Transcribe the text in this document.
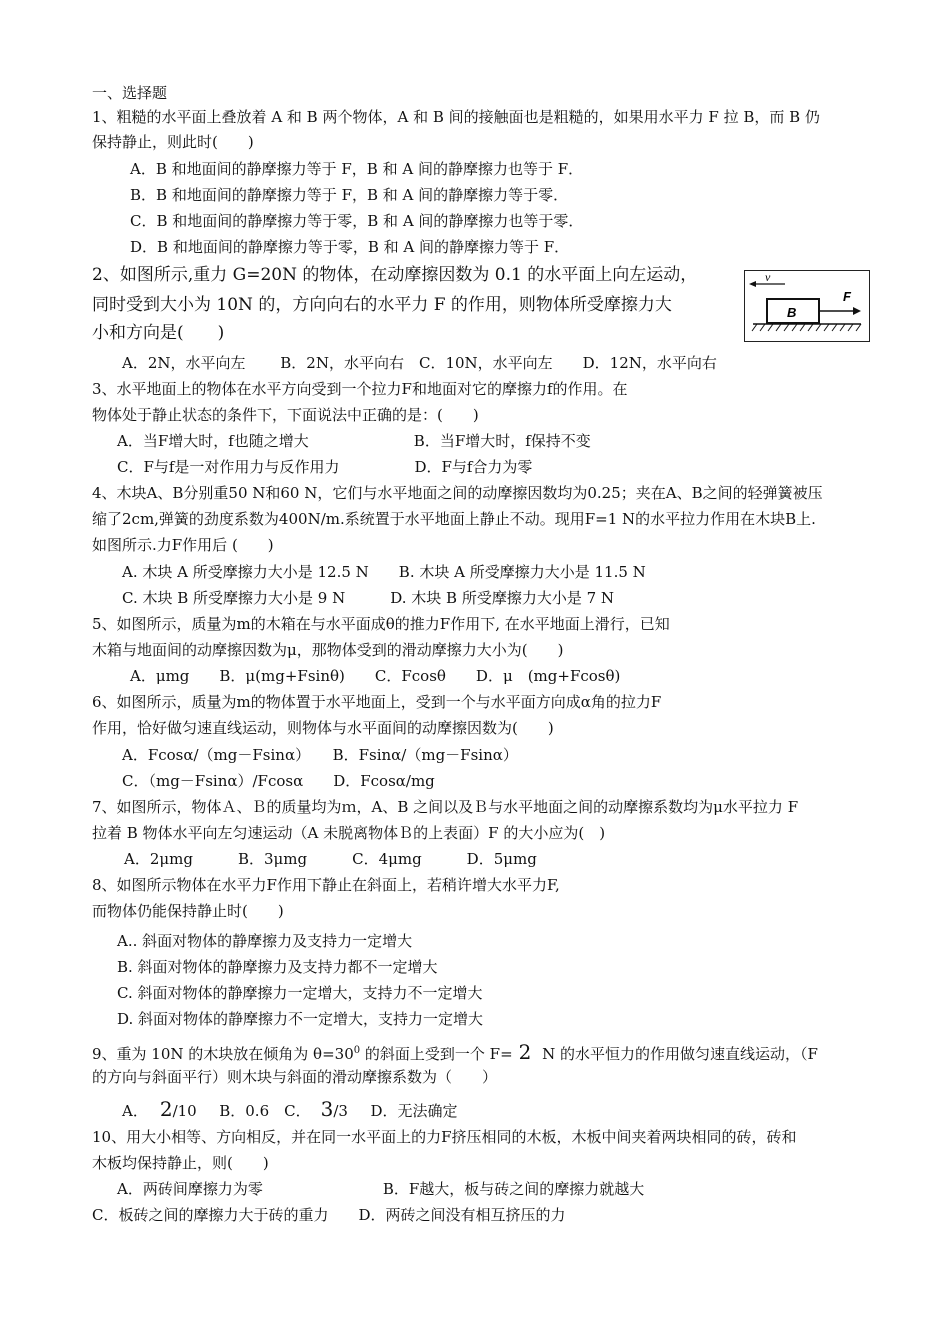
一、选择题
1、粗糙的水平面上叠放着 A 和 B 两个物体，A 和 B 间的接触面也是粗糙的，如果用水平力 F 拉 B，而 B 仍
保持静止，则此时(　　)
A．B 和地面间的静摩擦力等于 F，B 和 A 间的静摩擦力也等于 F．
B．B 和地面间的静摩擦力等于 F，B 和 A 间的静摩擦力等于零．
C．B 和地面间的静摩擦力等于零，B 和 A 间的静摩擦力也等于零．
D．B 和地面间的静摩擦力等于零，B 和 A 间的静摩擦力等于 F．
2、如图所示,重力 G=20N 的物体，在动摩擦因数为 0.1 的水平面上向左运动，
同时受到大小为 10N 的，方向向右的水平力 F 的作用，则物体所受摩擦力大
小和方向是(　　)
v
B
F
A．2N，水平向左　　 B．2N，水平向右　C．10N，水平向左　　D．12N，水平向右
3、水平地面上的物体在水平方向受到一个拉力F和地面对它的摩擦力f的作用。在
物体处于静止状态的条件下，下面说法中正确的是：(　　)
A．当F增大时，f也随之增大　　　　　　　B．当F增大时，f保持不变
C．F与f是一对作用力与反作用力　　　　　D．F与f合力为零
4、木块A、B分别重50 N和60 N，它们与水平地面之间的动摩擦因数均为0.25；夹在A、B之间的轻弹簧被压
缩了2cm,弹簧的劲度系数为400N/m.系统置于水平地面上静止不动。现用F=1 N的水平拉力作用在木块B上.
如图所示.力F作用后 (　　)
A. 木块 A 所受摩擦力大小是 12.5 N　　B. 木块 A 所受摩擦力大小是 11.5 N
C. 木块 B 所受摩擦力大小是 9 N　　　D. 木块 B 所受摩擦力大小是 7 N
5、如图所示，质量为m的木箱在与水平面成θ的推力F作用下, 在水平地面上滑行，已知
木箱与地面间的动摩擦因数为μ，那物体受到的滑动摩擦力大小为(　　)
A．μmg　　B．μ(mg+Fsinθ)　　C．Fcosθ　　D．μ　(mg+Fcosθ)
6、如图所示，质量为m的物体置于水平地面上，受到一个与水平面方向成α角的拉力F
作用，恰好做匀速直线运动，则物体与水平面间的动摩擦因数为(　　)
A．Fcosα/（mg－Fsinα）　　B．Fsinα/（mg－Fsinα）
C．（mg－Fsinα）/Fcosα　　D．Fcosα/mg
7、如图所示，物体Ａ、Ｂ的质量均为ｍ，A、B 之间以及Ｂ与水平地面之间的动摩擦系数均为μ水平拉力 F
拉着 B 物体水平向左匀速运动（A 未脱离物体Ｂ的上表面）F 的大小应为(　)
A．2μmg　　　B．3μmg　　　C．4μmg　　　D．5μmg
8、如图所示物体在水平力F作用下静止在斜面上，若稍许增大水平力F,
而物体仍能保持静止时(　　)
A.. 斜面对物体的静摩擦力及支持力一定增大
B. 斜面对物体的静摩擦力及支持力都不一定增大
C. 斜面对物体的静摩擦力一定增大，支持力不一定增大
D. 斜面对物体的静摩擦力不一定增大，支持力一定增大
9、重为 10N 的木块放在倾角为 $\theta=30^0$ 的斜面上受到一个 F= 2 N 的水平恒力的作用做匀速直线运动，（F
的方向与斜面平行）则木块与斜面的滑动摩擦系数为（　　）
A． 2/10　  B．0.6　 C． 3/3　  D．无法确定
10、用大小相等、方向相反，并在同一水平面上的力F挤压相同的木板，木板中间夹着两块相同的砖，砖和
木板均保持静止，则(　　)
A．两砖间摩擦力为零　　　　　　　　B．F越大，板与砖之间的摩擦力就越大
C．板砖之间的摩擦力大于砖的重力　　D．两砖之间没有相互挤压的力
